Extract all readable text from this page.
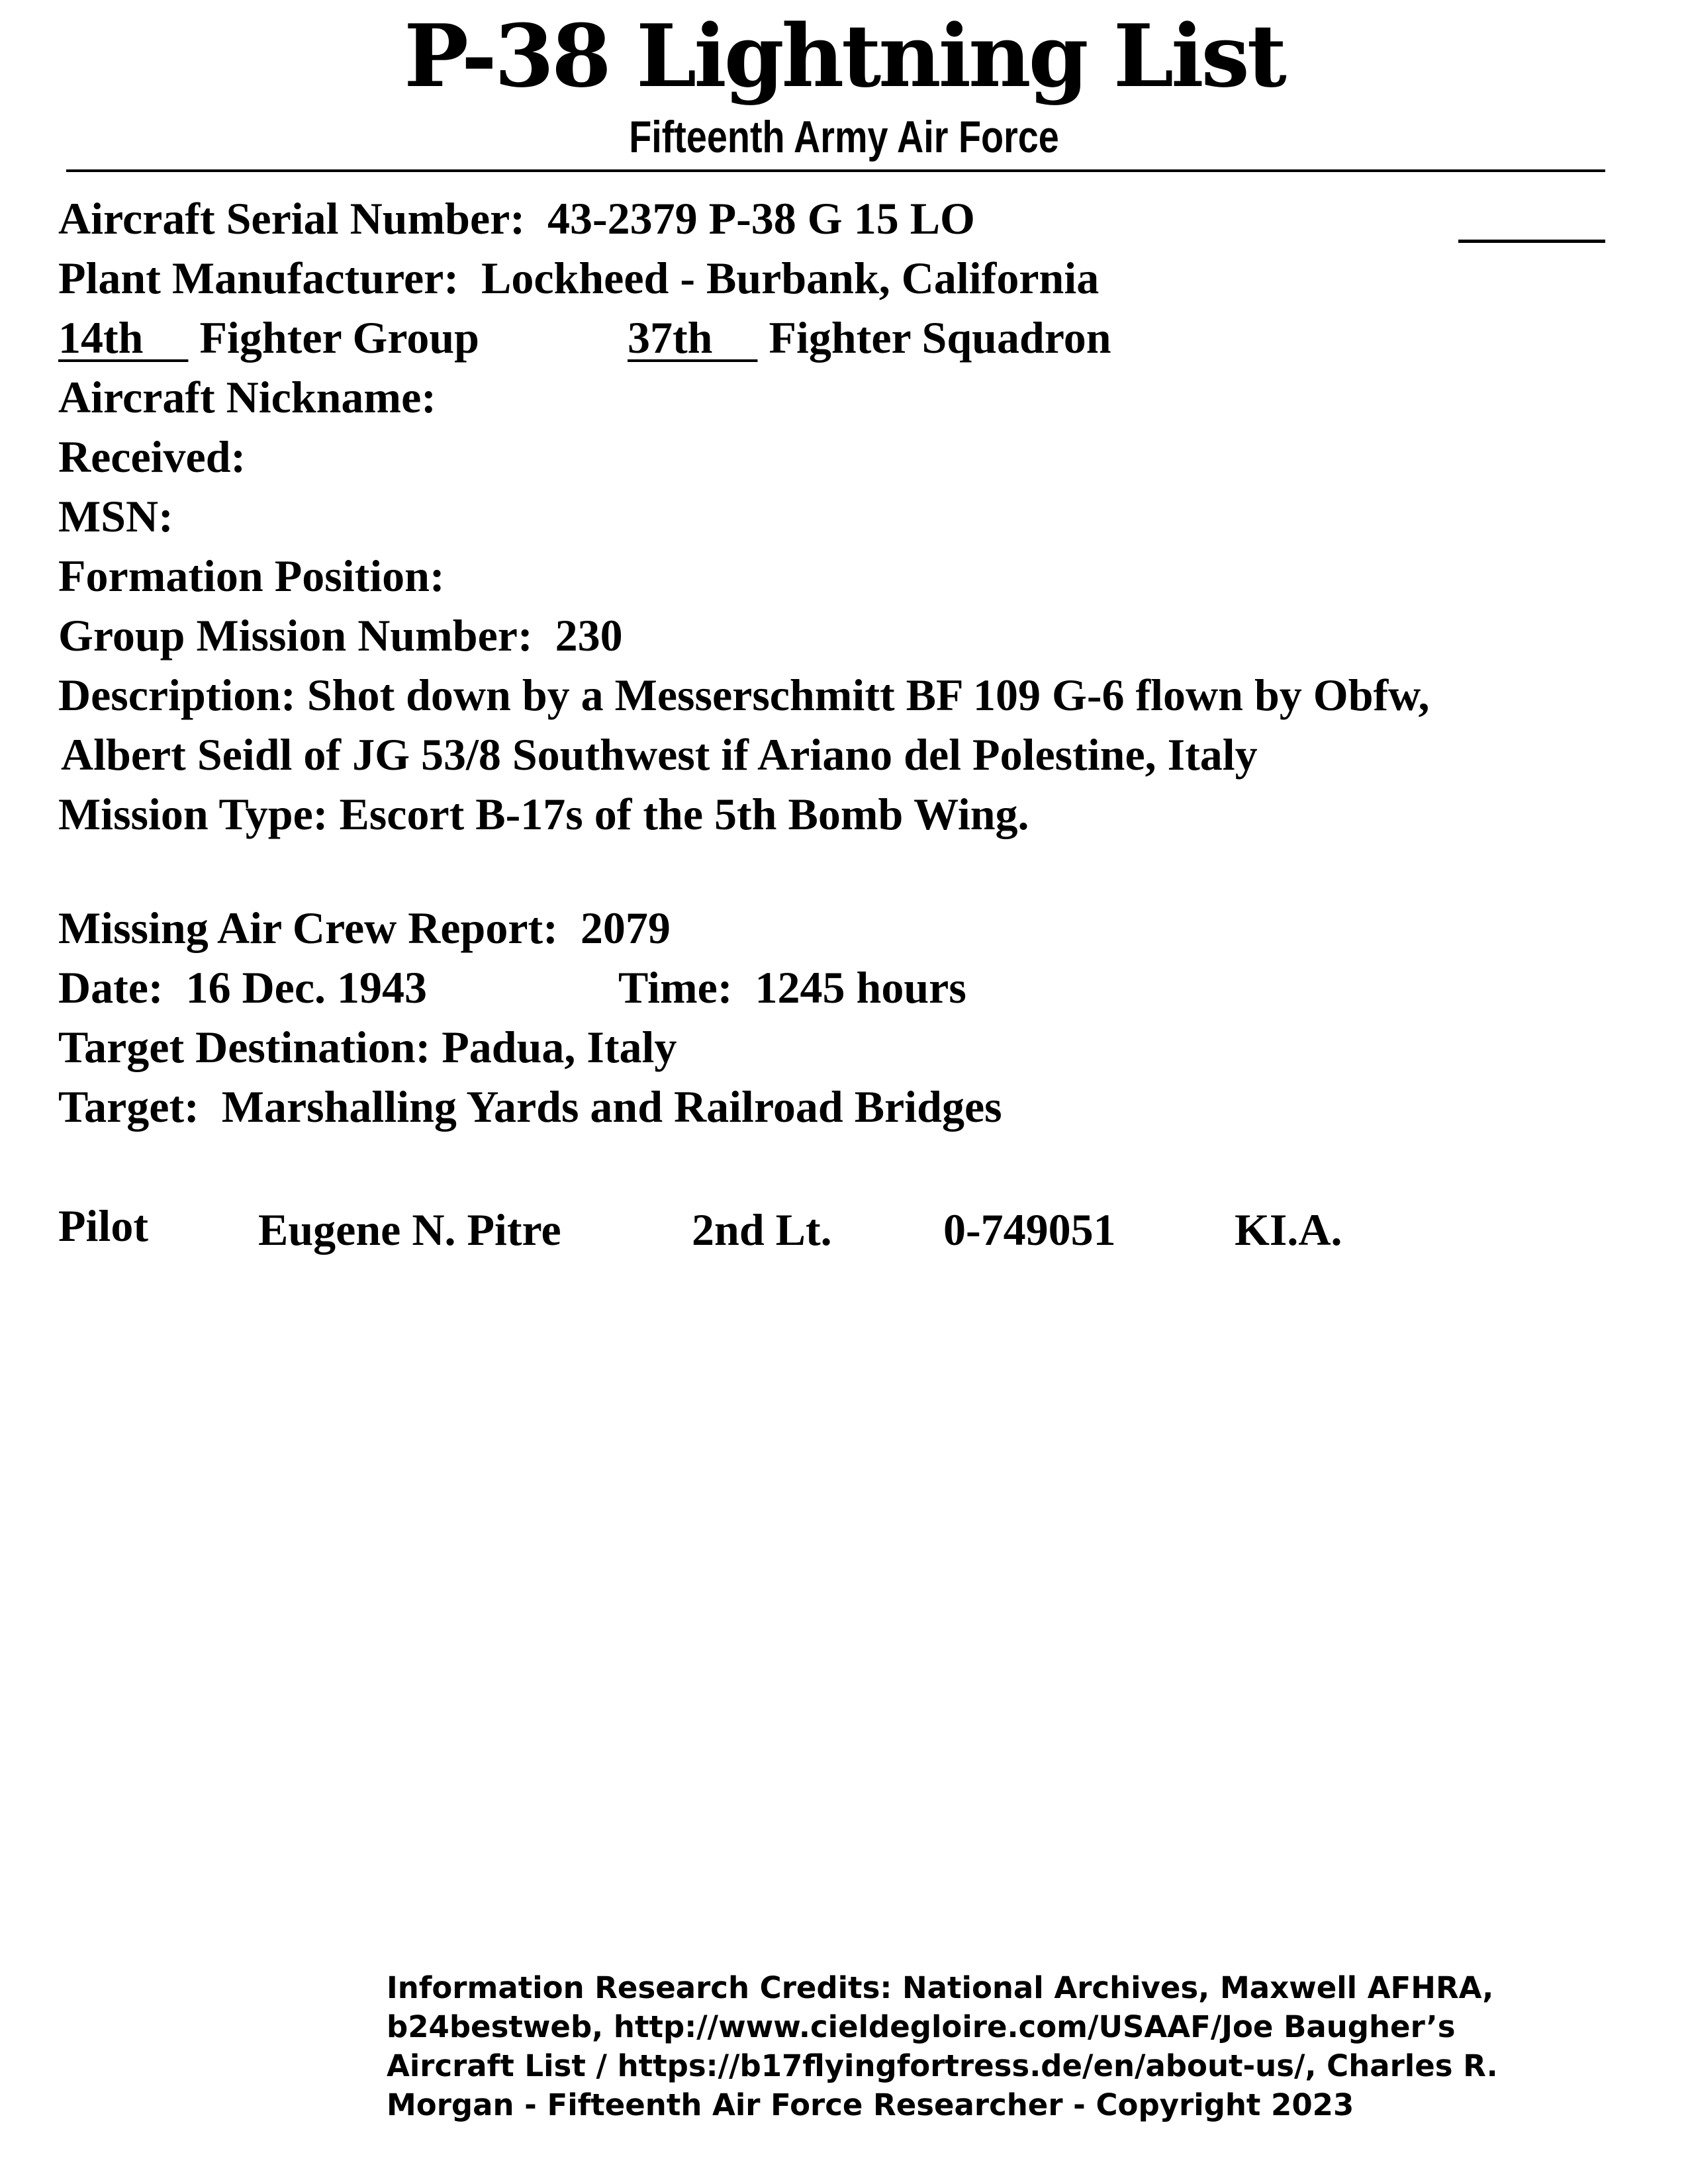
P-38 Lightning List
Fifteenth Army Air Force
Aircraft Serial Number: 43-2379 P-38 G 15 LO
Plant Manufacturer: Lockheed - Burbank, California
14th Fighter Group	37th Fighter Squadron
Aircraft Nickname:
Received:
MSN:
Formation Position:
Group Mission Number: 230
Description: Shot down by a Messerschmitt BF 109 G-6 flown by Obfw,
Albert Seidl of JG 53/8 Southwest if Ariano del Polestine, Italy
Mission Type: Escort B-17s of the 5th Bomb Wing.
Missing Air Crew Report: 2079
Date: 16 Dec. 1943	Time: 1245 hours
Target Destination: Padua, Italy
Target: Marshalling Yards and Railroad Bridges
Pilot Eugene N. Pitre	2nd Lt. 0-749051	KI.A.
Information Research Credits: National Archives, Maxwell AFHRA,
b24bestweb, http://www.cieldegloire.com/USAAF/Joe Baugher’s
Aircraft List / https://b17flyingfortress.de/en/about-us/, Charles R.
Morgan - Fifteenth Air Force Researcher - Copyright 2023
